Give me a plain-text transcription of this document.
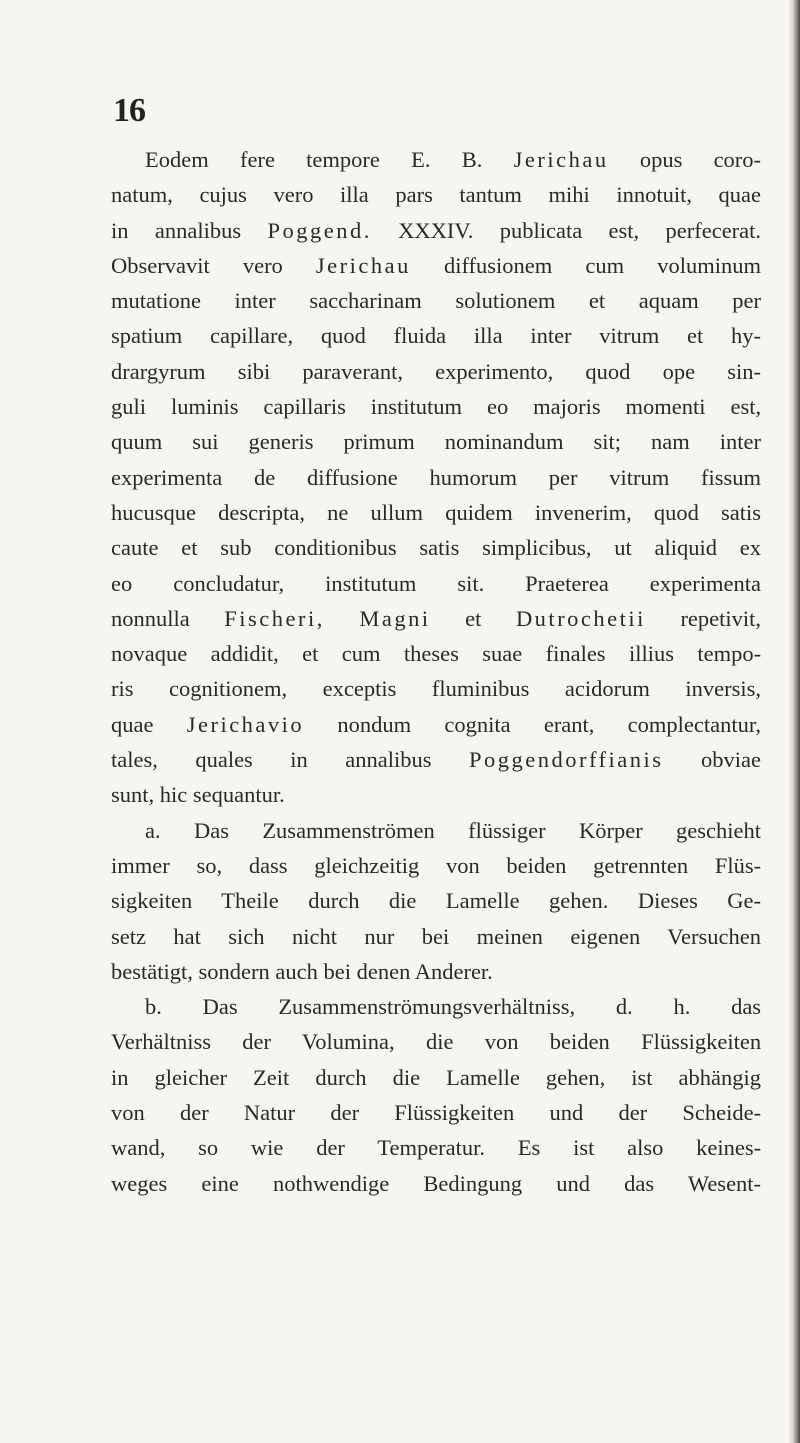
16
Eodem fere tempore E. B. Jerichau opus coro-
natum, cujus vero illa pars tantum mihi innotuit, quae
in annalibus Poggend. XXXIV. publicata est, perfecerat.
Observavit vero Jerichau diffusionem cum voluminum
mutatione inter saccharinam solutionem et aquam per
spatium capillare, quod fluida illa inter vitrum et hy-
drargyrum sibi paraverant, experimento, quod ope sin-
guli luminis capillaris institutum eo majoris momenti est,
quum sui generis primum nominandum sit; nam inter
experimenta de diffusione humorum per vitrum fissum
hucusque descripta, ne ullum quidem invenerim, quod satis
caute et sub conditionibus satis simplicibus, ut aliquid ex
eo concludatur, institutum sit. Praeterea experimenta
nonnulla Fischeri, Magni et Dutrochetii repetivit,
novaque addidit, et cum theses suae finales illius tempo-
ris cognitionem, exceptis fluminibus acidorum inversis,
quae Jerichavio nondum cognita erant, complectantur,
tales, quales in annalibus Poggendorffianis obviae
sunt, hic sequantur.
a. Das Zusammenströmen flüssiger Körper geschieht
immer so, dass gleichzeitig von beiden getrennten Flüs-
sigkeiten Theile durch die Lamelle gehen. Dieses Ge-
setz hat sich nicht nur bei meinen eigenen Versuchen
bestätigt, sondern auch bei denen Anderer.
b. Das Zusammenströmungsverhältniss, d. h. das
Verhältniss der Volumina, die von beiden Flüssigkeiten
in gleicher Zeit durch die Lamelle gehen, ist abhängig
von der Natur der Flüssigkeiten und der Scheide-
wand, so wie der Temperatur. Es ist also keines-
weges eine nothwendige Bedingung und das Wesent-
